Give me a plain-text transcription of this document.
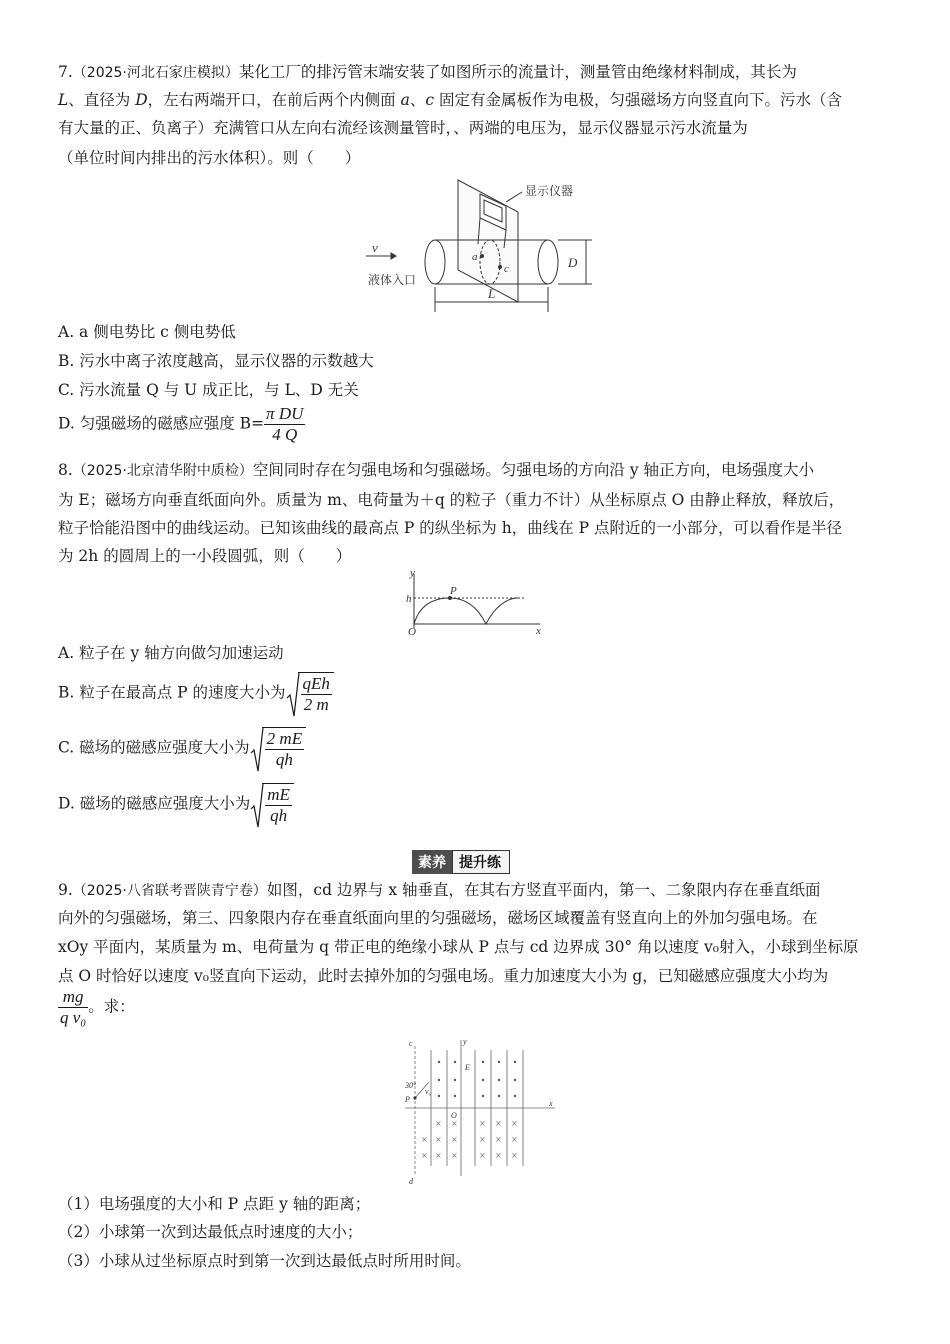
7.（2025·河北石家庄模拟）某化工厂的排污管末端安装了如图所示的流量计，测量管由绝缘材料制成，其长为
L、直径为 D，左右两端开口，在前后两个内侧面 a、c 固定有金属板作为电极，匀强磁场方向竖直向下。污水（含
有大量的正、负离子）充满管口从左向右流经该测量管时，、两端的电压为，显示仪器显示污水流量为
（单位时间内排出的污水体积）。则（　　）
显示仪器
液体入口
v
a
c	D
L
A. a 侧电势比 c 侧电势低
B. 污水中离子浓度越高，显示仪器的示数越大
C. 污水流量 Q 与 U 成正比，与 L、D 无关
D. 匀强磁场的磁感应强度 $B= \frac{\text{π DU}}{4 Q}$
8.（2025·北京清华附中质检）空间同时存在匀强电场和匀强磁场。匀强电场的方向沿 y 轴正方向，电场强度大小
为 E；磁场方向垂直纸面向外。质量为 m、电荷量为＋q 的粒子（重力不计）从坐标原点 O 由静止释放，释放后，
粒子恰能沿图中的曲线运动。已知该曲线的最高点 P 的纵坐标为 h，曲线在 P 点附近的一小部分，可以看作是半径
为 2h 的圆周上的一小段圆弧，则（　　）
y
x
O
h
P
A. 粒子在 y 轴方向做匀加速运动
B. 粒子在最高点 P 的速度大小为 $\frac{\text{qEh}}{2 m}$
C. 磁场的磁感应强度大小为 $\frac{2 mE}{qh}$
D. 磁场的磁感应强度大小为 $\frac{mE}{qh}$
素养 提升练
9.（2025·八省联考晋陕青宁卷）如图，cd 边界与 x 轴垂直，在其右方竖直平面内，第一、二象限内存在垂直纸面
向外的匀强磁场，第三、四象限内存在垂直纸面向里的匀强磁场，磁场区域覆盖有竖直向上的外加匀强电场。在
xOy 平面内，某质量为 m、电荷量为 q 带正电的绝缘小球从 P 点与 cd 边界成 30° 角以速度 v₀射入，小球到坐标原
点 O 时恰好以速度 v₀竖直向下运动，此时去掉外加的匀强电场。重力加速度大小为 g，已知磁感应强度大小均为
$\frac{mg}{\text{q v₀}}$ 。求：
× ×	× × ×
× × ×	× × ×
× × ×	× × ×
c
d
y
x
O
E
P
30°
v₀
（1）电场强度的大小和 P 点距 y 轴的距离；
（2）小球第一次到达最低点时速度的大小；
（3）小球从过坐标原点时到第一次到达最低点时所用时间。
